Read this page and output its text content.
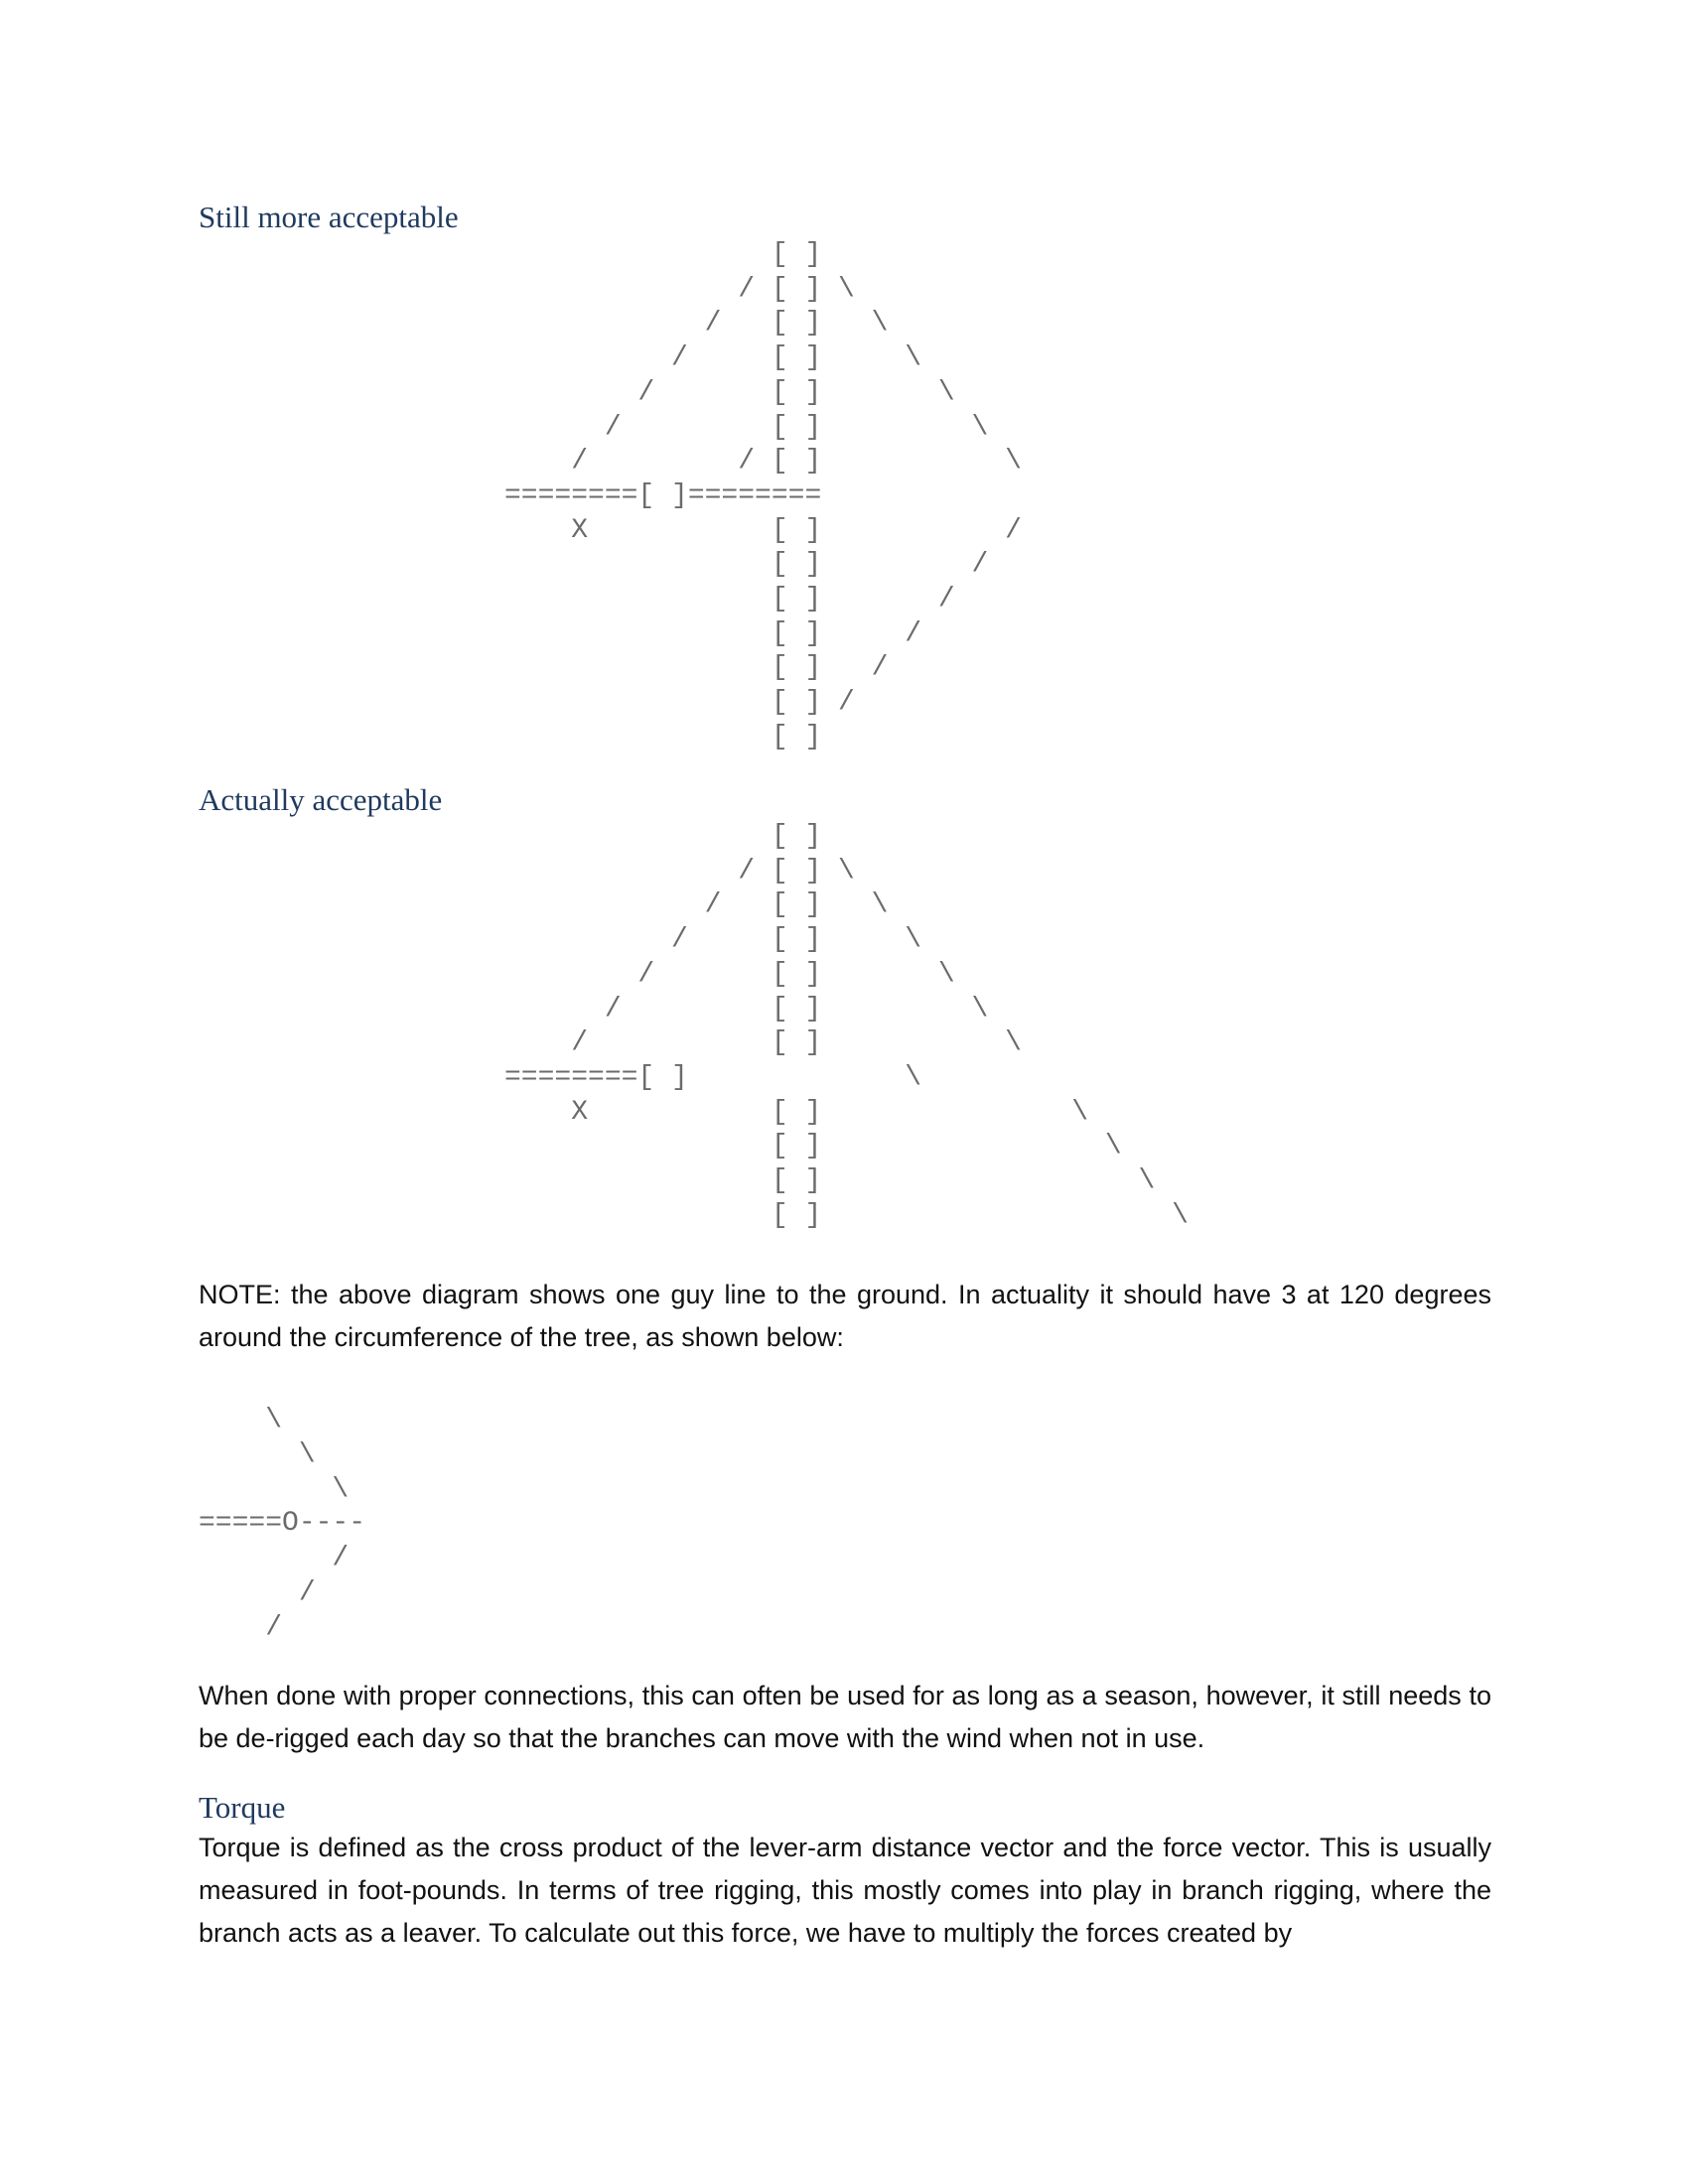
Still more acceptable
[ ]
/ [ ] \
/   [ ]   \
/     [ ]     \
/       [ ]       \
/         [ ]         \
/         / [ ]           \
========[ ]========
X           [ ]           /
[ ]         /
[ ]       /
[ ]     /
[ ]   /
[ ] /
[ ]
Actually acceptable
[ ]
/ [ ] \
/   [ ]   \
/     [ ]     \
/       [ ]       \
/         [ ]         \
/           [ ]           \
========[ ]             \
X           [ ]               \
[ ]                 \
[ ]                   \
[ ]                     \

NOTE: the above diagram shows one guy line to the ground. In actuality it should have 3 at 120 degrees around the circumference of the tree, as shown below:

\
\
\
=====O----
/
/
/

When done with proper connections, this can often be used for as long as a season, however, it still needs to be de-rigged each day so that the branches can move with the wind when not in use.

Torque

Torque is defined as the cross product of the lever-arm distance vector and the force vector. This is usually measured in foot-pounds. In terms of tree rigging, this mostly comes into play in branch rigging, where the branch acts as a leaver. To calculate out this force, we have to multiply the forces created by
